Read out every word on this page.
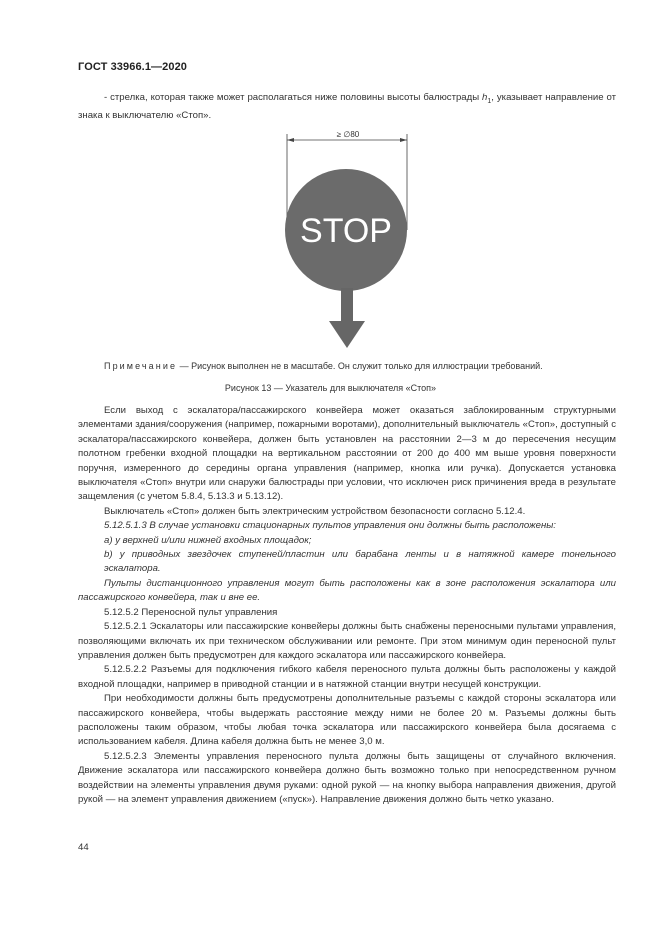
ГОСТ 33966.1—2020

- стрелка, которая также может располагаться ниже половины высоты балюстрады $h_1$, указывает направление от знака к выключателю «Стоп».

≥ ∅80
STOP
Примечание — Рисунок выполнен не в масштабе. Он служит только для иллюстрации требований.
Рисунок 13 — Указатель для выключателя «Стоп»

Если выход с эскалатора/пассажирского конвейера может оказаться заблокированным структурными элементами здания/сооружения (например, пожарными воротами), дополнительный выключатель «Стоп», доступный с эскалатора/пассажирского конвейера, должен быть установлен на расстоянии 2—3 м до пересечения несущим полотном гребенки входной площадки на вертикальном расстоянии от 200 до 400 мм выше уровня поверхности поручня, измеренного до середины органа управления (например, кнопка или ручка). Допускается установка выключателя «Стоп» внутри или снаружи балюстрады при условии, что исключен риск причинения вреда в результате защемления (с учетом 5.8.4, 5.13.3 и 5.13.12).

Выключатель «Стоп» должен быть электрическим устройством безопасности согласно 5.12.4.

5.12.5.1.3 В случае установки стационарных пультов управления они должны быть расположены:

a) у верхней и/или нижней входных площадок;

b) у приводных звездочек ступеней/пластин или барабана ленты и в натяжной камере тонельного эскалатора.

Пульты дистанционного управления могут быть расположены как в зоне расположения эскалатора или пассажирского конвейера, так и вне ее.

5.12.5.2 Переносной пульт управления

5.12.5.2.1 Эскалаторы или пассажирские конвейеры должны быть снабжены переносными пультами управления, позволяющими включать их при техническом обслуживании или ремонте. При этом минимум один переносной пульт управления должен быть предусмотрен для каждого эскалатора или пассажирского конвейера.

5.12.5.2.2 Разъемы для подключения гибкого кабеля переносного пульта должны быть расположены у каждой входной площадки, например в приводной станции и в натяжной станции внутри несущей конструкции.

При необходимости должны быть предусмотрены дополнительные разъемы с каждой стороны эскалатора или пассажирского конвейера, чтобы выдержать расстояние между ними не более 20 м. Разъемы должны быть расположены таким образом, чтобы любая точка эскалатора или пассажирского конвейера была досягаема с использованием кабеля. Длина кабеля должна быть не менее 3,0 м.

5.12.5.2.3 Элементы управления переносного пульта должны быть защищены от случайного включения. Движение эскалатора или пассажирского конвейера должно быть возможно только при непосредственном ручном воздействии на элементы управления двумя руками: одной рукой — на кнопку выбора направления движения, другой рукой — на элемент управления движением («пуск»). Направление движения должно быть четко указано.

44
